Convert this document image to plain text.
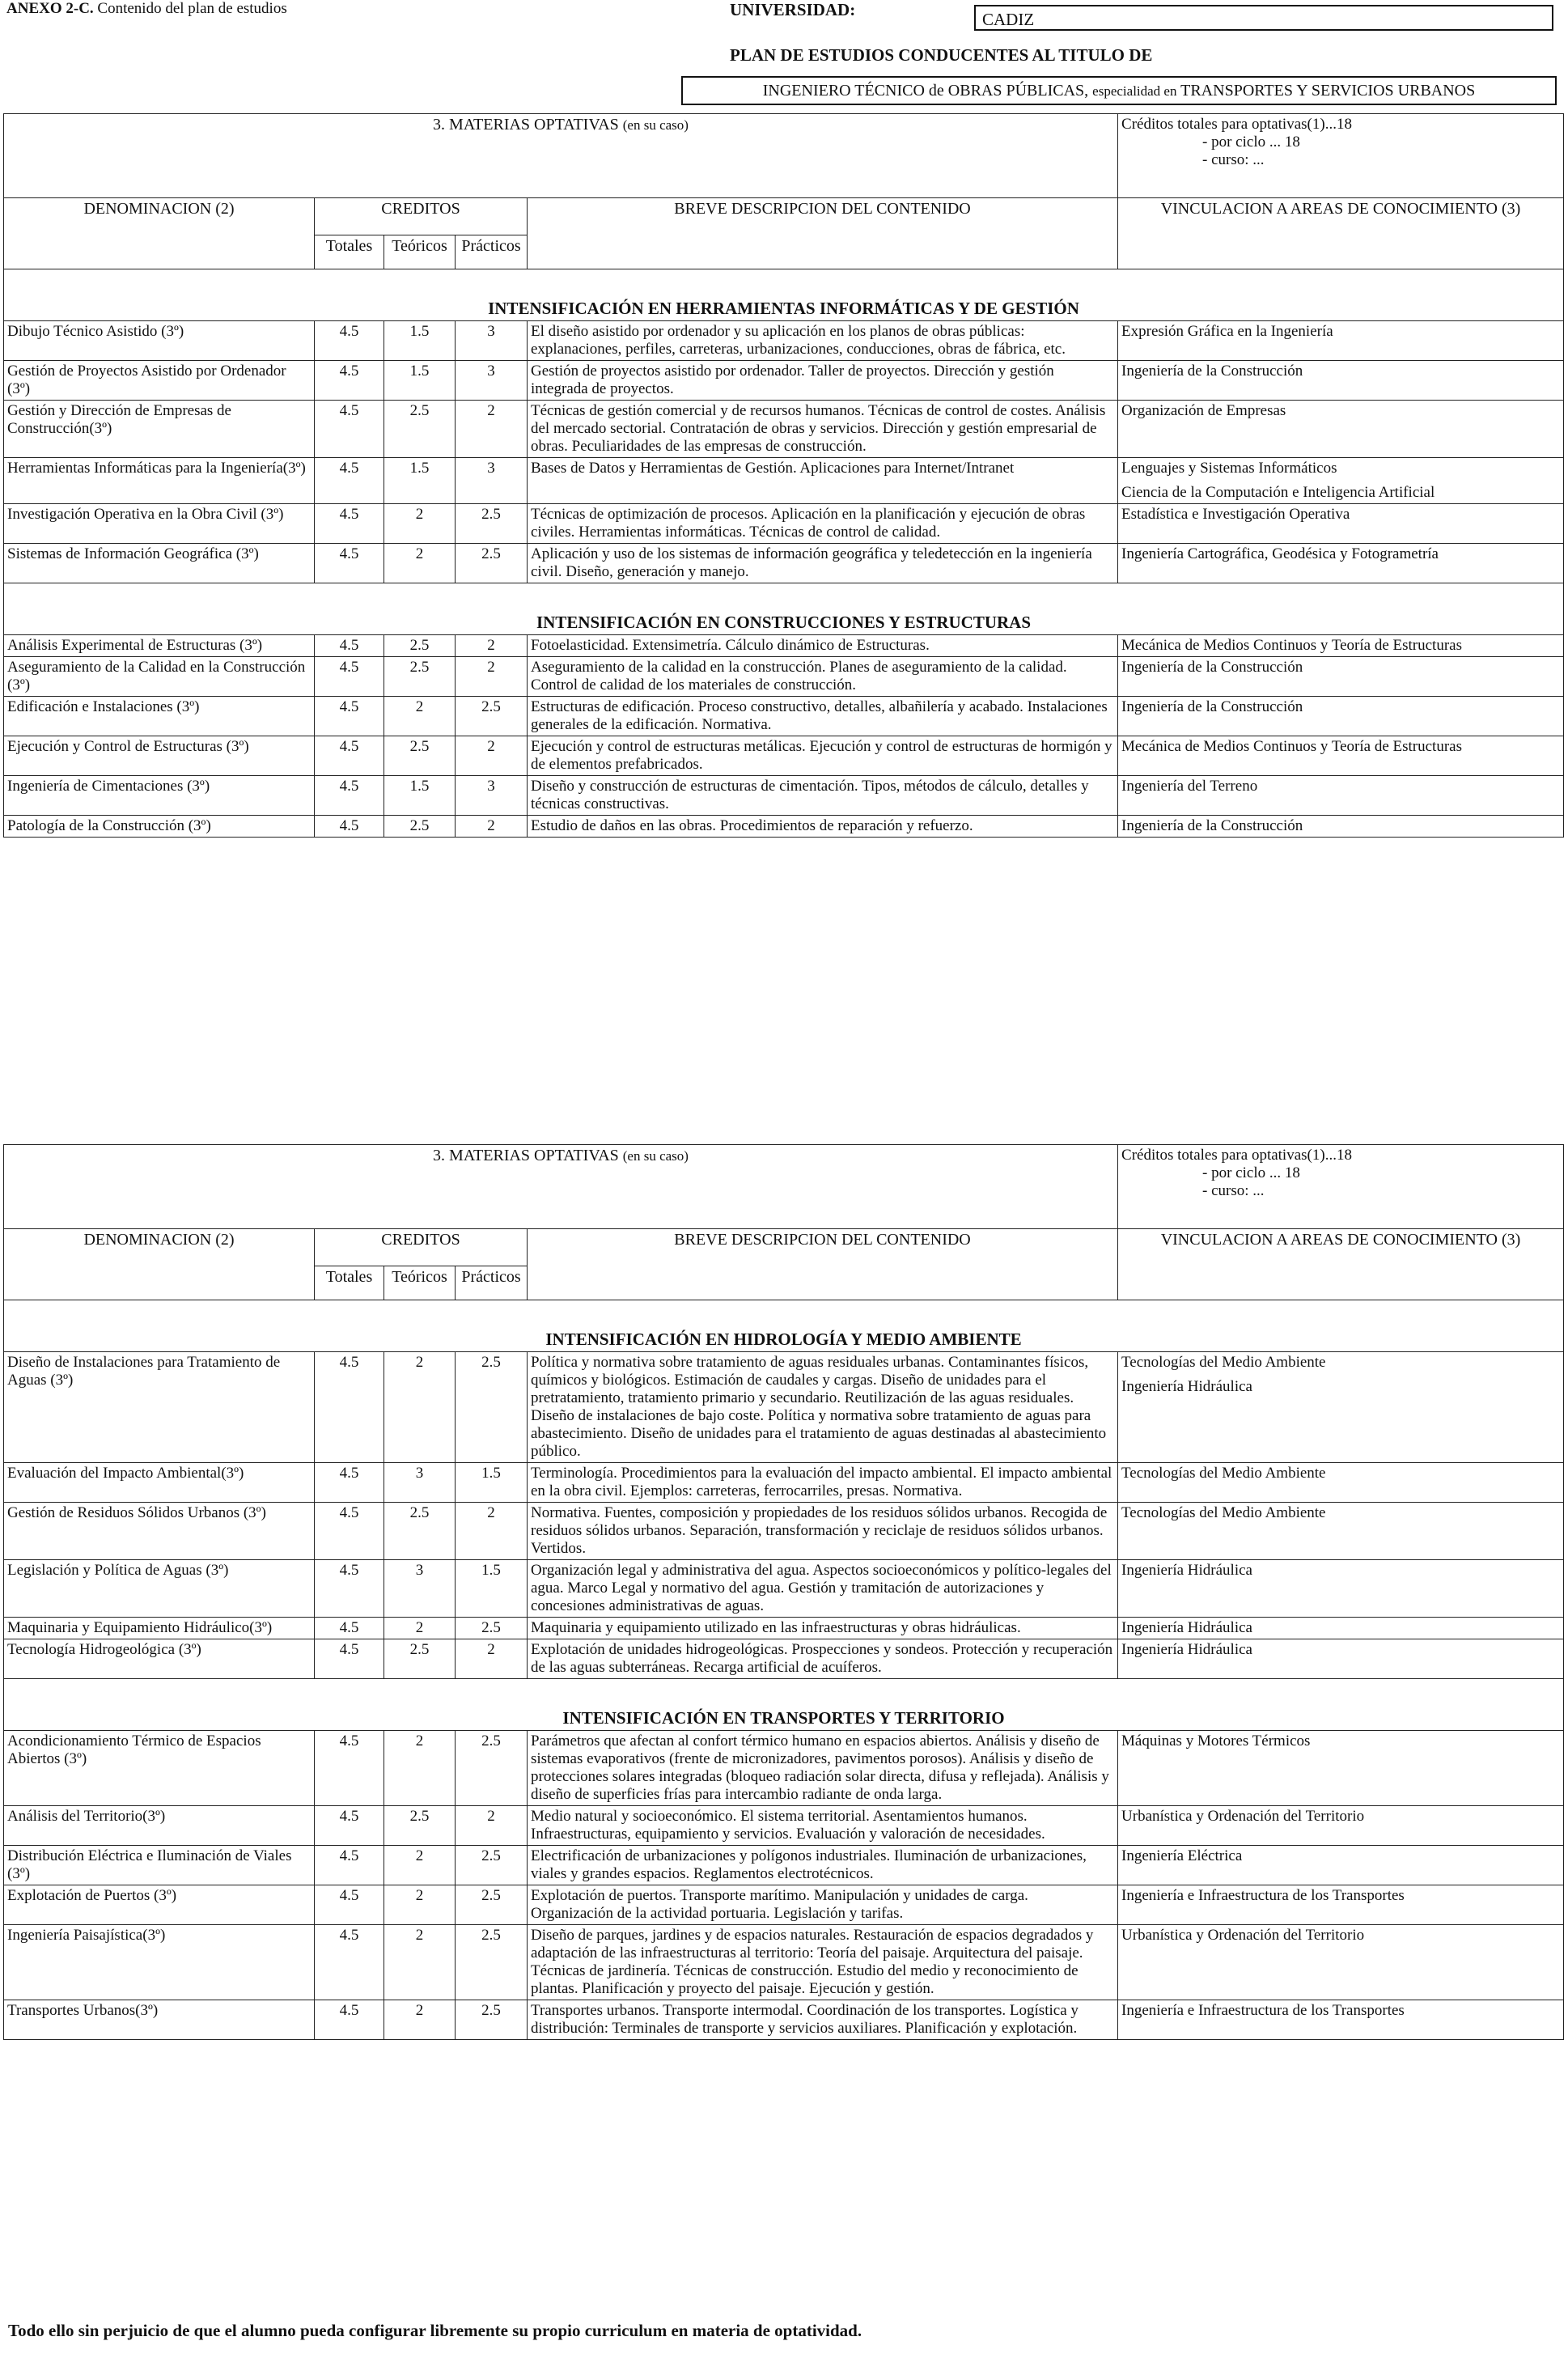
ANEXO 2-C. Contenido del plan de estudios	UNIVERSIDAD:	CADIZ
PLAN DE ESTUDIOS CONDUCENTES AL TITULO DE
INGENIERO TÉCNICO de OBRAS PÚBLICAS, especialidad en TRANSPORTES Y SERVICIOS URBANOS
3. MATERIAS OPTATIVAS (en su caso)					Créditos totales para optativas(1)...18
- por ciclo ... 18
- curso: ...

DENOMINACION (2)	CREDITOS			BREVE DESCRIPCION DEL CONTENIDO	VINCULACION A AREAS DE CONOCIMIENTO (3)
	Totales	Teóricos	Prácticos		
INTENSIFICACIÓN EN HERRAMIENTAS INFORMÁTICAS Y DE GESTIÓN					
Dibujo Técnico Asistido (3º)	4.5	1.5	3	El diseño asistido por ordenador y su aplicación en los planos de obras públicas: explanaciones, perfiles, carreteras, urbanizaciones, conducciones, obras de fábrica, etc.	Expresión Gráfica en la Ingeniería
Gestión de Proyectos Asistido por Ordenador (3º)	4.5	1.5	3	Gestión de proyectos asistido por ordenador. Taller de proyectos. Dirección y gestión integrada de proyectos.	Ingeniería de la Construcción
Gestión y Dirección de Empresas de Construcción(3º)	4.5	2.5	2	Técnicas de gestión comercial y de recursos humanos. Técnicas de control de costes. Análisis del mercado sectorial. Contratación de obras y servicios. Dirección y gestión empresarial de obras. Peculiaridades de las empresas de construcción.	Organización de Empresas
Herramientas Informáticas para la Ingeniería(3º)	4.5	1.5	3	Bases de Datos y Herramientas de Gestión. Aplicaciones para Internet/Intranet	Lenguajes y Sistemas Informáticos
Ciencia de la Computación e Inteligencia Artificial

Investigación Operativa en la Obra Civil (3º)	4.5	2	2.5	Técnicas de optimización de procesos. Aplicación en la planificación y ejecución de obras civiles. Herramientas informáticas. Técnicas de control de calidad.	Estadística e Investigación Operativa
Sistemas de Información Geográfica (3º)	4.5	2	2.5	Aplicación y uso de los sistemas de información geográfica y teledetección en la ingeniería civil. Diseño, generación y manejo.	Ingeniería Cartográfica, Geodésica y Fotogrametría
INTENSIFICACIÓN EN CONSTRUCCIONES Y ESTRUCTURAS					
Análisis Experimental de Estructuras (3º)	4.5	2.5	2	Fotoelasticidad. Extensimetría. Cálculo dinámico de Estructuras.	Mecánica de Medios Continuos y Teoría de Estructuras
Aseguramiento de la Calidad en la Construcción (3º)	4.5	2.5	2	Aseguramiento de la calidad en la construcción. Planes de aseguramiento de la calidad. Control de calidad de los materiales de construcción.	Ingeniería de la Construcción
Edificación e Instalaciones (3º)	4.5	2	2.5	Estructuras de edificación. Proceso constructivo, detalles, albañilería y acabado. Instalaciones generales de la edificación. Normativa.	Ingeniería de la Construcción
Ejecución y Control de Estructuras (3º)	4.5	2.5	2	Ejecución y control de estructuras metálicas. Ejecución y control de estructuras de hormigón y de elementos prefabricados.	Mecánica de Medios Continuos y Teoría de Estructuras
Ingeniería de Cimentaciones (3º)	4.5	1.5	3	Diseño y construcción de estructuras de cimentación. Tipos, métodos de cálculo, detalles y técnicas constructivas.	Ingeniería del Terreno
Patología de la Construcción (3º)	4.5	2.5	2	Estudio de daños en las obras. Procedimientos de reparación y refuerzo.	Ingeniería de la Construcción
3. MATERIAS OPTATIVAS (en su caso)					Créditos totales para optativas(1)...18
- por ciclo ... 18
- curso: ...

DENOMINACION (2)	CREDITOS			BREVE DESCRIPCION DEL CONTENIDO	VINCULACION A AREAS DE CONOCIMIENTO (3)
	Totales	Teóricos	Prácticos		
INTENSIFICACIÓN EN HIDROLOGÍA Y MEDIO AMBIENTE					
Diseño de Instalaciones para Tratamiento de Aguas (3º)	4.5	2	2.5	Política y normativa sobre tratamiento de aguas residuales urbanas. Contaminantes físicos, químicos y biológicos. Estimación de caudales y cargas. Diseño de unidades para el pretratamiento, tratamiento primario y secundario. Reutilización de las aguas residuales. Diseño de instalaciones de bajo coste. Política y normativa sobre tratamiento de aguas para abastecimiento. Diseño de unidades para el tratamiento de aguas destinadas al abastecimiento público.	Tecnologías del Medio Ambiente
Ingeniería Hidráulica

Evaluación del Impacto Ambiental(3º)	4.5	3	1.5	Terminología. Procedimientos para la evaluación del impacto ambiental. El impacto ambiental en la obra civil. Ejemplos: carreteras, ferrocarriles, presas. Normativa.	Tecnologías del Medio Ambiente
Gestión de Residuos Sólidos Urbanos (3º)	4.5	2.5	2	Normativa. Fuentes, composición y propiedades de los residuos sólidos urbanos. Recogida de residuos sólidos urbanos. Separación, transformación y reciclaje de residuos sólidos urbanos. Vertidos.	Tecnologías del Medio Ambiente
Legislación y Política de Aguas (3º)	4.5	3	1.5	Organización legal y administrativa del agua. Aspectos socioeconómicos y político-legales del agua. Marco Legal y normativo del agua. Gestión y tramitación de autorizaciones y concesiones administrativas de aguas.	Ingeniería Hidráulica
Maquinaria y Equipamiento Hidráulico(3º)	4.5	2	2.5	Maquinaria y equipamiento utilizado en las infraestructuras y obras hidráulicas.	Ingeniería Hidráulica
Tecnología Hidrogeológica (3º)	4.5	2.5	2	Explotación de unidades hidrogeológicas. Prospecciones y sondeos. Protección y recuperación de las aguas subterráneas. Recarga artificial de acuíferos.	Ingeniería Hidráulica
INTENSIFICACIÓN EN TRANSPORTES Y TERRITORIO					
Acondicionamiento Térmico de Espacios Abiertos (3º)	4.5	2	2.5	Parámetros que afectan al confort térmico humano en espacios abiertos. Análisis y diseño de sistemas evaporativos (frente de micronizadores, pavimentos porosos). Análisis y diseño de protecciones solares integradas (bloqueo radiación solar directa, difusa y reflejada). Análisis y diseño de superficies frías para intercambio radiante de onda larga.	Máquinas y Motores Térmicos
Análisis del Territorio(3º)	4.5	2.5	2	Medio natural y socioeconómico. El sistema territorial. Asentamientos humanos. Infraestructuras, equipamiento y servicios. Evaluación y valoración de necesidades.	Urbanística y Ordenación del Territorio
Distribución Eléctrica e Iluminación de Viales (3º)	4.5	2	2.5	Electrificación de urbanizaciones y polígonos industriales. Iluminación de urbanizaciones, viales y grandes espacios. Reglamentos electrotécnicos.	Ingeniería Eléctrica
Explotación de Puertos (3º)	4.5	2	2.5	Explotación de puertos. Transporte marítimo. Manipulación y unidades de carga. Organización de la actividad portuaria. Legislación y tarifas.	Ingeniería e Infraestructura de los Transportes
Ingeniería Paisajística(3º)	4.5	2	2.5	Diseño de parques, jardines y de espacios naturales. Restauración de espacios degradados y adaptación de las infraestructuras al territorio: Teoría del paisaje. Arquitectura del paisaje. Técnicas de jardinería. Técnicas de construcción. Estudio del medio y reconocimiento de plantas. Planificación y proyecto del paisaje. Ejecución y gestión.	Urbanística y Ordenación del Territorio
Transportes Urbanos(3º)	4.5	2	2.5	Transportes urbanos. Transporte intermodal. Coordinación de los transportes. Logística y distribución: Terminales de transporte y servicios auxiliares. Planificación y explotación.	Ingeniería e Infraestructura de los Transportes
Todo ello sin perjuicio de que el alumno pueda configurar libremente su propio curriculum en materia de optatividad.
